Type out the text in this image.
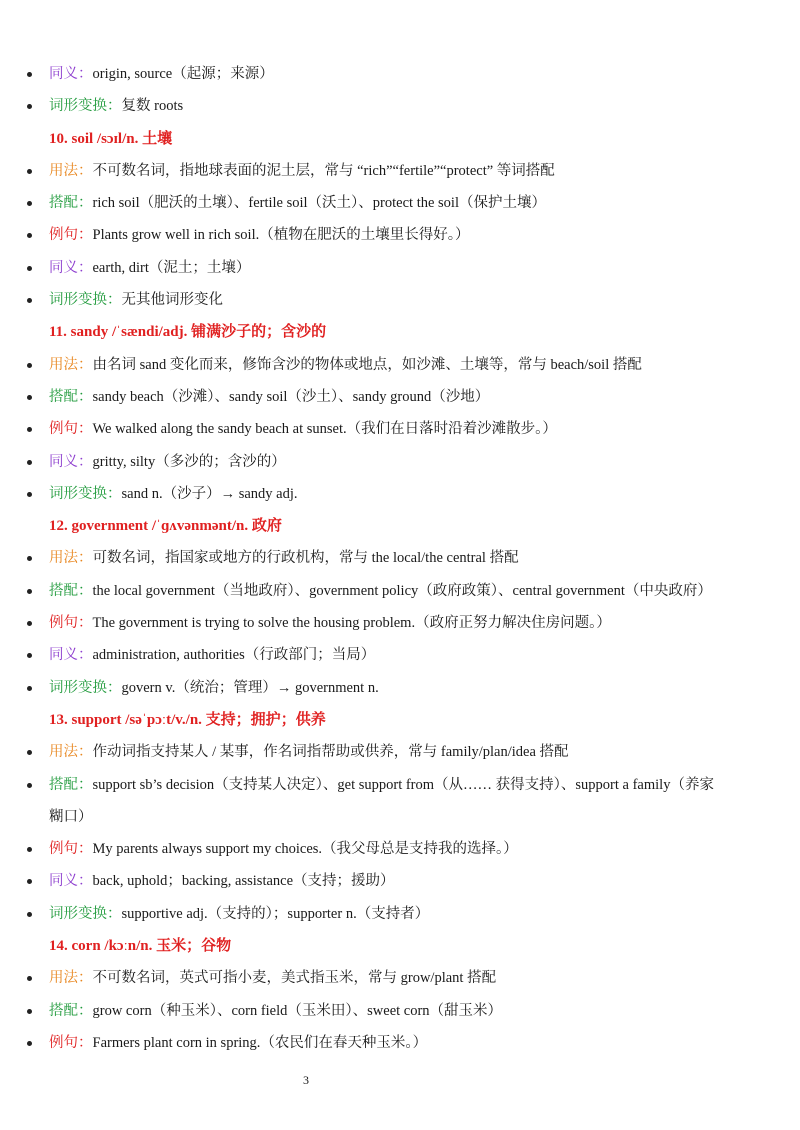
同义：origin, source（起源；来源）
词形变换：复数 roots
10. soil /sɔɪl/n. 土壤
用法：不可数名词，指地球表面的泥土层，常与 “rich”“fertile”“protect” 等词搭配
搭配：rich soil（肥沃的土壤）、fertile soil（沃土）、protect the soil（保护土壤）
例句：Plants grow well in rich soil.（植物在肥沃的土壤里长得好。）
同义：earth, dirt（泥土；土壤）
词形变换：无其他词形变化
11. sandy /ˈsændi/adj. 铺满沙子的；含沙的
用法：由名词 sand 变化而来，修饰含沙的物体或地点，如沙滩、土壤等，常与 beach/soil 搭配
搭配：sandy beach（沙滩）、sandy soil（沙土）、sandy ground（沙地）
例句：We walked along the sandy beach at sunset.（我们在日落时沿着沙滩散步。）
同义：gritty, silty（多沙的；含沙的）
词形变换：sand n.（沙子）→ sandy adj.
12. government /ˈɡʌvənmənt/n. 政府
用法：可数名词，指国家或地方的行政机构，常与 the local/the central 搭配
搭配：the local government（当地政府）、government policy（政府政策）、central government（中央政府）
例句：The government is trying to solve the housing problem.（政府正努力解决住房问题。）
同义：administration, authorities（行政部门；当局）
词形变换：govern v.（统治；管理）→ government n.
13. support /səˈpɔːt/v./n. 支持；拥护；供养
用法：作动词指支持某人 / 某事，作名词指帮助或供养，常与 family/plan/idea 搭配
搭配：support sb’s decision（支持某人决定）、get support from（从…… 获得支持）、support a family（养家
糊口）
例句：My parents always support my choices.（我父母总是支持我的选择。）
同义：back, uphold；backing, assistance（支持；援助）
词形变换：supportive adj.（支持的）；supporter n.（支持者）
14. corn /kɔːn/n. 玉米；谷物
用法：不可数名词，英式可指小麦，美式指玉米，常与 grow/plant 搭配
搭配：grow corn（种玉米）、corn field（玉米田）、sweet corn（甜玉米）
例句：Farmers plant corn in spring.（农民们在春天种玉米。）
3
